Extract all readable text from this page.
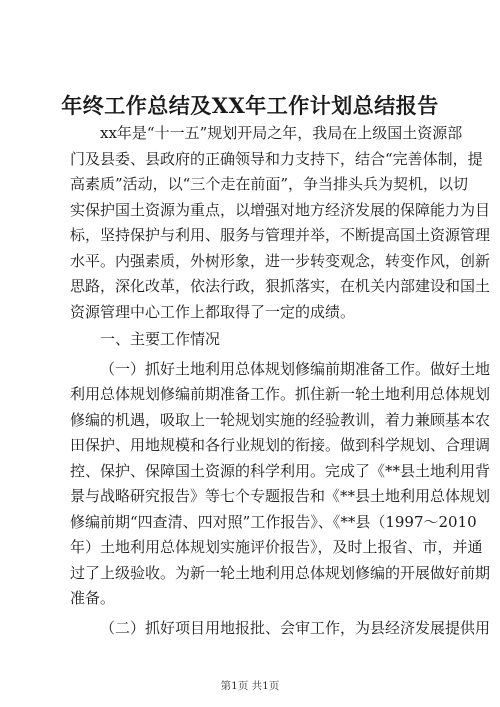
年终工作总结及XX年工作计划总结报告
xx年是“十一五”规划开局之年，我局在上级国土资源部
门及县委、县政府的正确领导和力支持下，结合“完善体制，提
高素质”活动，以“三个走在前面”，争当排头兵为契机，以切
实保护国土资源为重点，以增强对地方经济发展的保障能力为目
标，坚持保护与利用、服务与管理并举，不断提高国土资源管理
水平。内强素质，外树形象，进一步转变观念，转变作风，创新
思路，深化改革，依法行政，狠抓落实，在机关内部建设和国土
资源管理中心工作上都取得了一定的成绩。
一、主要工作情况
（一）抓好土地利用总体规划修编前期准备工作。做好土地
利用总体规划修编前期准备工作。抓住新一轮土地利用总体规划
修编的机遇，吸取上一轮规划实施的经验教训，着力兼顾基本农
田保护、用地规模和各行业规划的衔接。做到科学规划、合理调
控、保护、保障国土资源的科学利用。完成了《**县土地利用背
景与战略研究报告》等七个专题报告和《**县土地利用总体规划
修编前期“四查清、四对照”工作报告》、《**县（1997～2010
年）土地利用总体规划实施评价报告》，及时上报省、市，并通
过了上级验收。为新一轮土地利用总体规划修编的开展做好前期
准备。
（二）抓好项目用地报批、会审工作，为县经济发展提供用
第1页 共1页
